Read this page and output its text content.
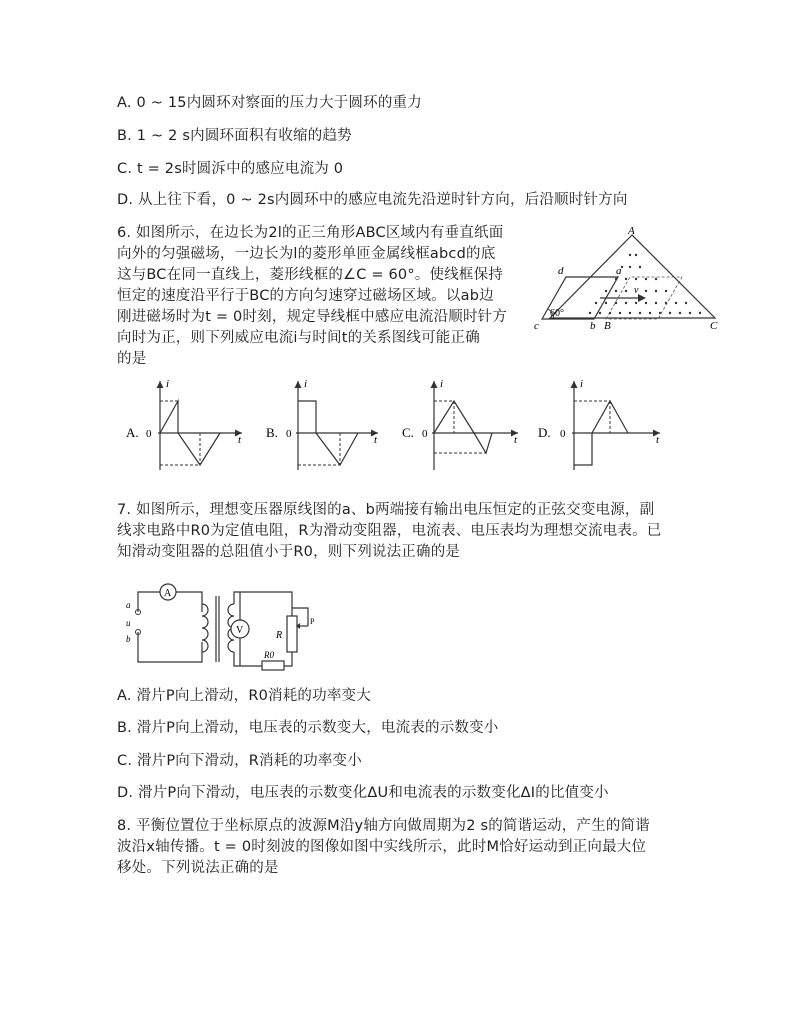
A. 0 ~ 15内圆环对察面的压力大于圆环的重力
B. 1 ~ 2 s内圆环面积有收缩的趋势
C. t = 2s时圆泝中的感应电流为 0
D. 从上往下看，0 ~ 2s内圆环中的感应电流先沿逆时针方向，后沿顺时针方向
6. 如图所示，在边长为2l的正三角形ABC区域内有垂直纸面
向外的匀强磁场，一边长为l的菱形单匝金属线框abcd的底
这与BC在同一直线上，菱形线框的∠C = 60°。使线框保持
恒定的速度沿平行于BC的方向匀速穿过磁场区域。以ab边
刚进磁场时为t = 0时刻，规定导线框中感应电流沿顺时针方
向时为正，则下列威应电流i与时间t的关系图线可能正确
的是
60°
A
B	C
a
b
c
d
v
A. 0
i
t B. 0
i
t C. 0
i
t D. 0
i
t
7. 如图所示，理想变压器原线图的a、b两端接有输出电压恒定的正弦交变电源，副
线求电路中R0为定值电阻，R为滑动变阻器，电流表、电压表均为理想交流电表。已
知滑动变阻器的总阻值小于R0，则下列说法正确的是
A
a
u
b
V	R
P
R0
A. 滑片P向上滑动，R0消耗的功率变大
B. 滑片P向上滑动，电压表的示数变大，电流表的示数变小
C. 滑片P向下滑动，R消耗的功率变小
D. 滑片P向下滑动，电压表的示数变化ΔU和电流表的示数变化ΔI的比值变小
8. 平衡位置位于坐标原点的波源M沿y轴方向做周期为2 s的简谐运动，产生的简谐
波沿x轴传播。t = 0时刻波的图像如图中实线所示，此时M恰好运动到正向最大位
移处。下列说法正确的是
